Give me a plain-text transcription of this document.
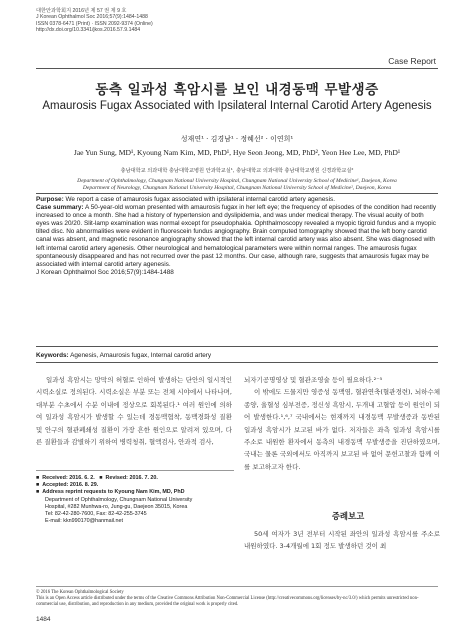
대한안과학회지 2016년 제 57 권 제 9 호
J Korean Ophthalmol Soc 2016;57(9):1484-1488
ISSN 0378-6471 (Print) · ISSN 2092-9374 (Online)
http://dx.doi.org/10.3341/jkos.2016.57.9.1484
Case Report
동측 일과성 흑암시를 보인 내경동맥 무발생증
Amaurosis Fugax Associated with Ipsilateral Internal Carotid Artery Agenesis
성재연¹ · 김경남¹ · 정혜선² · 이연희¹
Jae Yun Sung, MD¹, Kyoung Nam Kim, MD, PhD¹, Hye Seon Jeong, MD, PhD², Yeon Hee Lee, MD, PhD¹
충남대학교 의과대학 충남대학교병원 안과학교실¹, 충남대학교 의과대학 충남대학교병원 신경과학교실²
Department of Ophthalmology, Chungnam National University Hospital, Chungnam National University School of Medicine¹, Daejeon, Korea
Department of Neurology, Chungnam National University Hospital, Chungnam National University School of Medicine², Daejeon, Korea

Purpose: We report a case of amaurosis fugax associated with ipsilateral internal carotid artery agenesis.

Case summary: A 50-year-old woman presented with amaurosis fugax in her left eye; the frequency of episodes of the condition had recently increased to once a month. She had a history of hypertension and dyslipidemia, and was under medical therapy. The visual acuity of both eyes was 20/20. Slit-lamp examination was normal except for pseudophakia. Ophthalmoscopy revealed a myopic tigroid fundus and a myopic tilted disc. No abnormalities were evident in fluorescein fundus angiography. Brain computed tomography showed that the left bony carotid canal was absent, and magnetic resonance angiography showed that the left internal carotid artery was also absent. She was diagnosed with left internal carotid artery agenesis. Other neurological and hematological parameters were within normal ranges. The amaurosis fugax spontaneously disappeared and has not recurred over the past 12 months. Our case, although rare, suggests that amaurosis fugax may be associated with internal carotid artery agenesis.

J Korean Ophthalmol Soc 2016;57(9):1484-1488

Keywords: Agenesis, Amaurosis fugax, Internal carotid artery

일과성 흑암시는 망막의 허혈로 인하여 발생하는 단안의 일시적인 시력소실로 정의된다. 시력소실은 부분 또는 전체 시야에서 나타나며, 대부분 수초에서 수분 이내에 정상으로 회복된다.¹ 여러 원인에 의하여 일과성 흑암시가 발생할 수 있는데 경동맥협착, 동맥경화성 질환 및 안구의 혈관폐쇄성 질환이 가장 흔한 원인으로 알려져 있으며, 다른 질환들과 감별하기 위하여 병력청취, 혈액검사, 안과적 검사,

뇌자기공명영상 및 혈관조영술 등이 필요하다.²⁻⁵

이 밖에도 드물지만 영증성 동맥염, 혈관연축(혈관경련), 뇌하수체 종양, 울혈성 심부전증, 정신성 흑암시, 두개내 고혈압 등이 원인이 되어 발생한다.¹,⁶,⁷ 국내에서는 현재까지 내경동맥 무발생증과 동반된 일과성 흑암시가 보고된 바가 없다. 저자들은 좌측 일과성 흑암시를 주소로 내원한 환자에서 동측의 내경동맥 무발생증을 진단하였으며, 국내는 물론 국외에서도 아직까지 보고된 바 없어 문헌고찰과 함께 이를 보고하고자 한다.

■ Received: 2016. 6. 2. ■ Revised: 2016. 7. 20.
■ Accepted: 2016. 8. 29.
■ Address reprint requests to Kyoung Nam Kim, MD, PhD
Department of Ophthalmology, Chungnam National University
Hospital, #282 Munhwa-ro, Jung-gu, Daejeon 35015, Korea
Tel: 82-42-280-7600, Fax: 82-42-255-3745
E-mail: kkn990170@hanmail.net
증례보고

50세 여자가 3년 전부터 시작된 좌안의 일과성 흑암시를 주소로 내원하였다. 3-4개월에 1회 정도 발생하던 것이 최

© 2016 The Korean Ophthalmological Society
This is an Open Access article distributed under the terms of the Creative Commons Attribution Non-Commercial License (http://creativecommons.org/licenses/by-nc/3.0/) which permits unrestricted non-commercial use, distribution, and reproduction in any medium, provided the original work is properly cited.
1484
